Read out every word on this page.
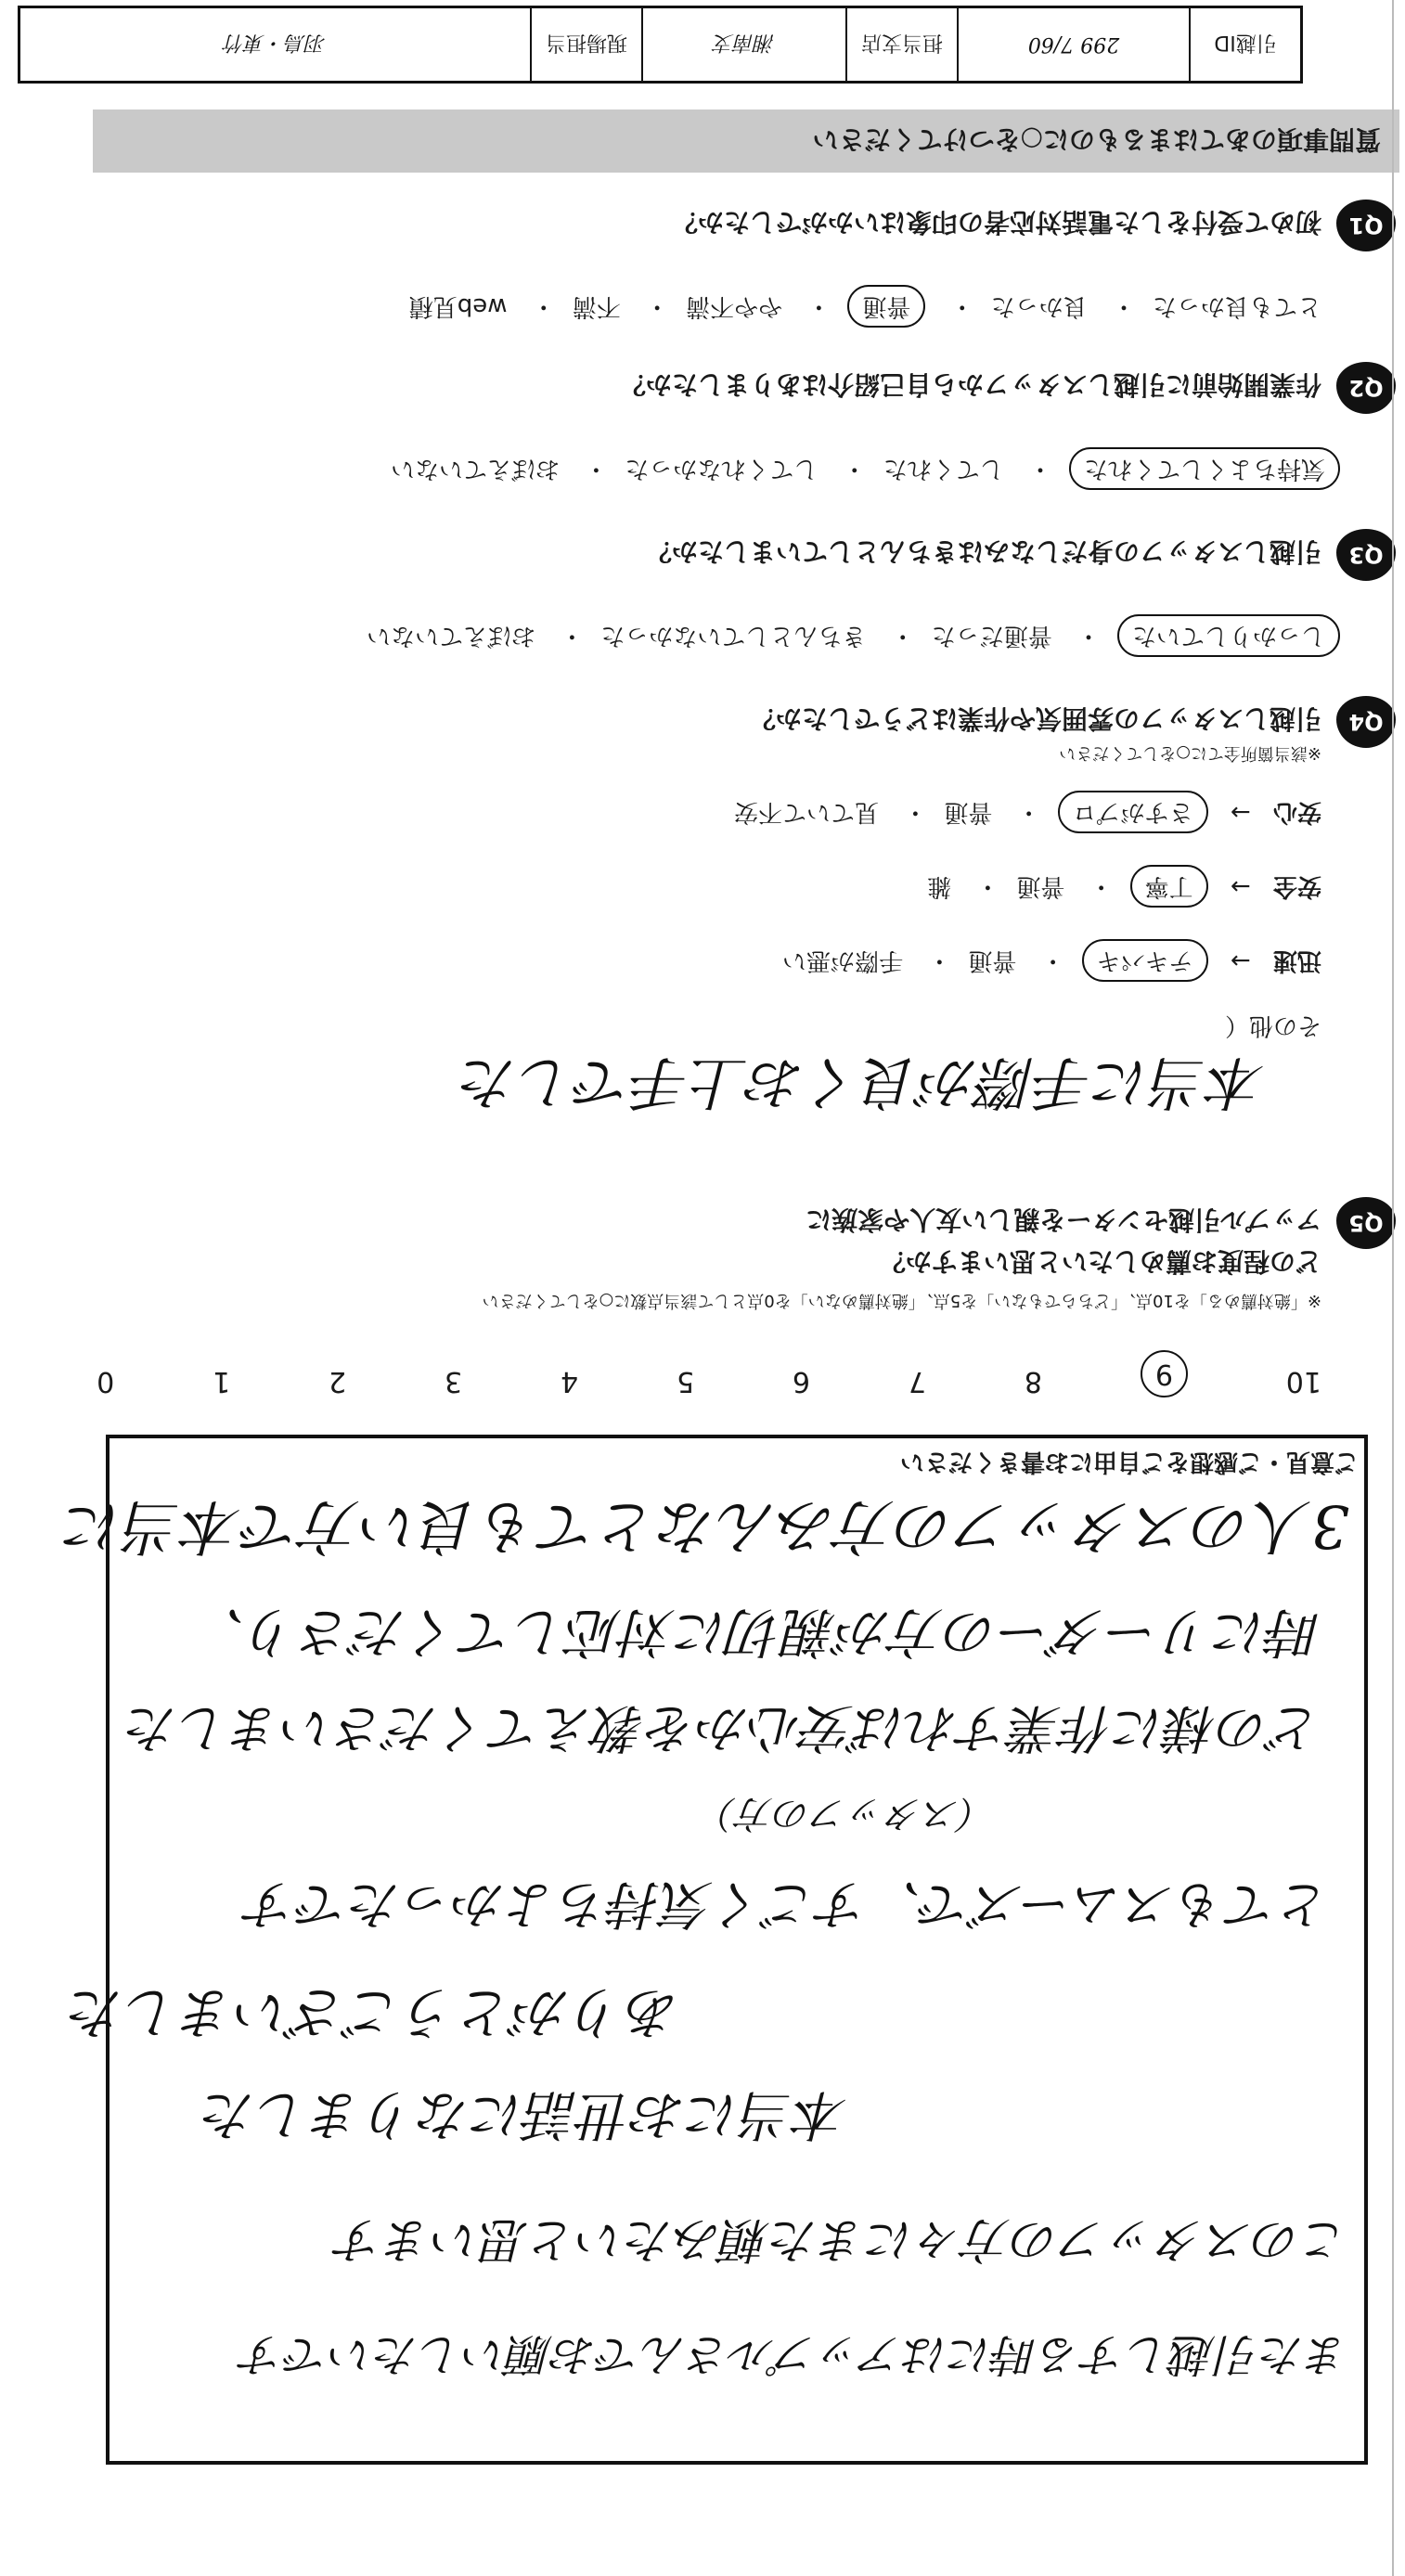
引越ID
299 7/60
担当支店
湘南支
現場担当
羽鳥・東竹
質問事項のあてはまるものに○をつけてください
Q1
初めて受付をした電話対応者の印象はいかがでしたか？
とても良かった・ 良かった・ 普通・ やや不満・ 不満・ web見積
Q2
作業開始前に引越しスタッフから自己紹介はありましたか？
気持ちよくしてくれた・ してくれた・ してくれなかった・ おぼえていない
Q3
引越しスタッフの身だしなみはきちんとしていましたか？
しっかりしていた・ 普通だった・ きちんとしていなかった・ おぼえていない
Q4
引越しスタッフの雰囲気や作業はどうでしたか？
※該当箇所全てに○をしてください
安心 → さすがプロ・ 普通・ 見ていて不安
安全 → 丁寧・ 普通・ 雑
迅速 → テキパキ・ 普通・ 手際が悪い
その他（
本当に手際が良くお上手でした
Q5
アップル引越センターを親しい友人や家族に
どの程度お薦めしたいと思いますか？
※「絶対薦める」を10点、「どちらでもない」を5点、「絶対薦めない」を0点として該当点数に○をしてください
10
9
8
7
6
5
4
3
2
1
0
ご意見・ご感想をご自由にお書きください
3人のスタッフの方みんなとても良い方で本当に
時にリーダーの方が親切に対応してくださり、
どの様に作業すれば安心かを教えてくださいました
（スタッフの方）
とてもスムーズで、すごく気持ちよかったです
ありがとうございました
本当にお世話になりました
このスタッフの方々にまた頼みたいと思います
また引越しする時にはアップルさんでお願いしたいです
